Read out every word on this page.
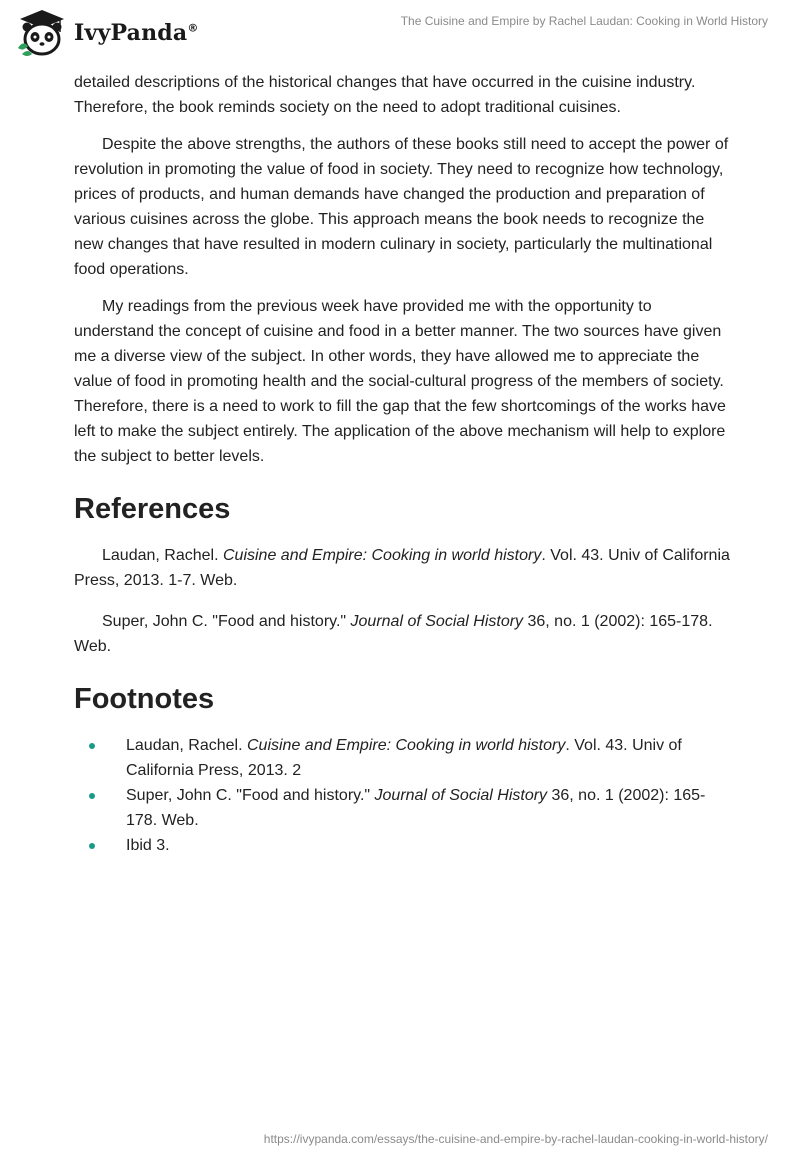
IvyPanda®
The Cuisine and Empire by Rachel Laudan: Cooking in World History

detailed descriptions of the historical changes that have occurred in the cuisine industry. Therefore, the book reminds society on the need to adopt traditional cuisines.

Despite the above strengths, the authors of these books still need to accept the power of revolution in promoting the value of food in society. They need to recognize how technology, prices of products, and human demands have changed the production and preparation of various cuisines across the globe. This approach means the book needs to recognize the new changes that have resulted in modern culinary in society, particularly the multinational food operations.

My readings from the previous week have provided me with the opportunity to understand the concept of cuisine and food in a better manner. The two sources have given me a diverse view of the subject. In other words, they have allowed me to appreciate the value of food in promoting health and the social-cultural progress of the members of society. Therefore, there is a need to work to fill the gap that the few shortcomings of the works have left to make the subject entirely. The application of the above mechanism will help to explore the subject to better levels.

References

Laudan, Rachel. Cuisine and Empire: Cooking in world history. Vol. 43. Univ of California Press, 2013. 1-7. Web.

Super, John C. "Food and history." Journal of Social History 36, no. 1 (2002): 165-178. Web.

Footnotes
Laudan, Rachel. Cuisine and Empire: Cooking in world history. Vol. 43. Univ of California Press, 2013. 2
Super, John C. "Food and history." Journal of Social History 36, no. 1 (2002): 165-178. Web.
Ibid 3.
https://ivypanda.com/essays/the-cuisine-and-empire-by-rachel-laudan-cooking-in-world-history/
